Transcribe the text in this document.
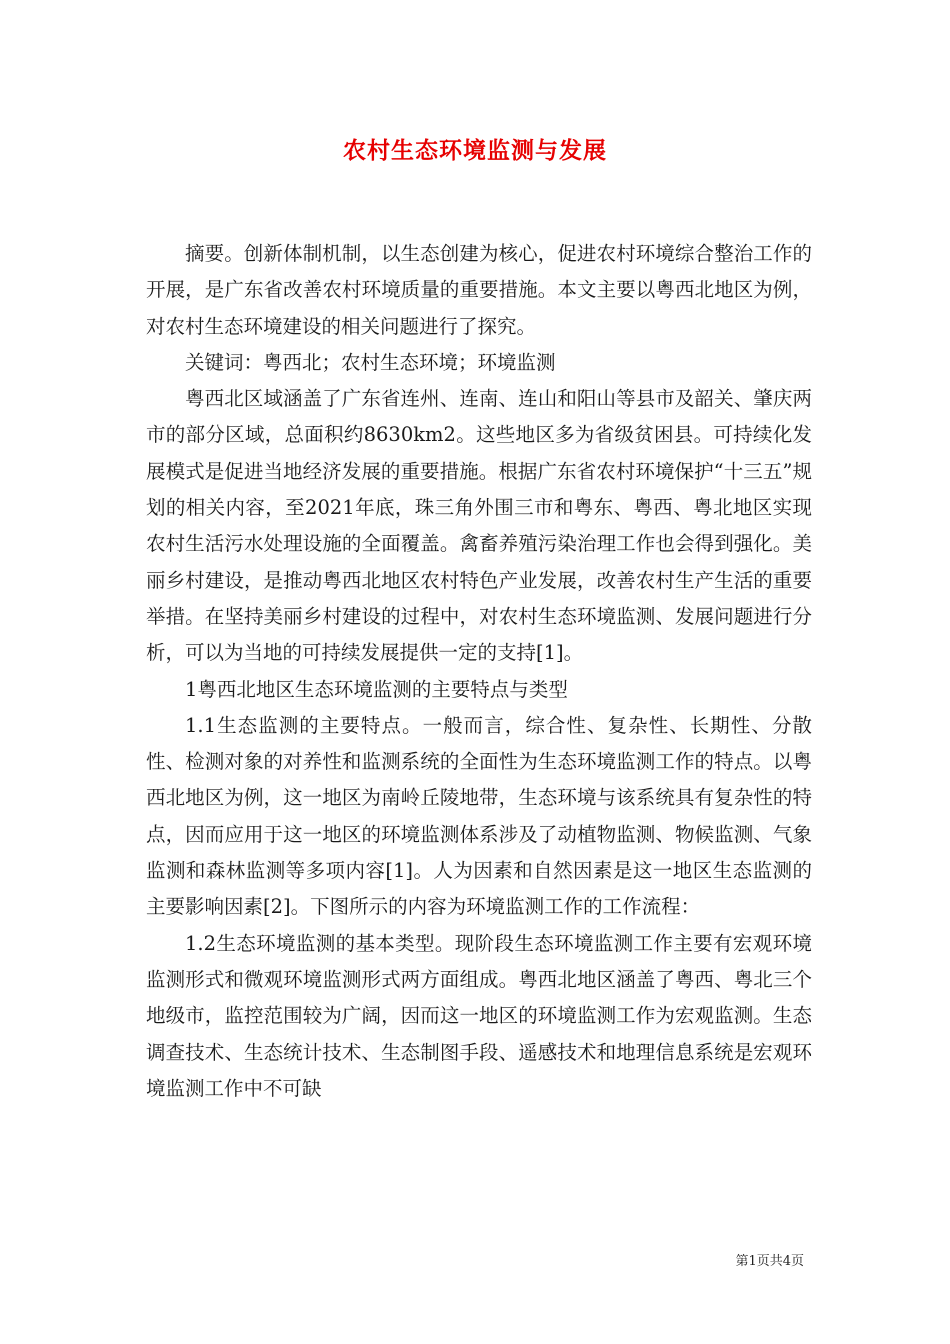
农村生态环境监测与发展

摘要。创新体制机制，以生态创建为核心，促进农村环境综合整治工作的开展，是广东省改善农村环境质量的重要措施。本文主要以粤西北地区为例，对农村生态环境建设的相关问题进行了探究。

关键词：粤西北；农村生态环境；环境监测

粤西北区域涵盖了广东省连州、连南、连山和阳山等县市及韶关、肇庆两市的部分区域，总面积约8630km2。这些地区多为省级贫困县。可持续化发展模式是促进当地经济发展的重要措施。根据广东省农村环境保护“十三五”规划的相关内容，至2021年底，珠三角外围三市和粤东、粤西、粤北地区实现农村生活污水处理设施的全面覆盖。禽畜养殖污染治理工作也会得到强化。美丽乡村建设，是推动粤西北地区农村特色产业发展，改善农村生产生活的重要举措。在坚持美丽乡村建设的过程中，对农村生态环境监测、发展问题进行分析，可以为当地的可持续发展提供一定的支持[1]。

1粤西北地区生态环境监测的主要特点与类型

1.1生态监测的主要特点。一般而言，综合性、复杂性、长期性、分散性、检测对象的对养性和监测系统的全面性为生态环境监测工作的特点。以粤西北地区为例，这一地区为南岭丘陵地带，生态环境与该系统具有复杂性的特点，因而应用于这一地区的环境监测体系涉及了动植物监测、物候监测、气象监测和森林监测等多项内容[1]。人为因素和自然因素是这一地区生态监测的主要影响因素[2]。下图所示的内容为环境监测工作的工作流程：

1.2生态环境监测的基本类型。现阶段生态环境监测工作主要有宏观环境监测形式和微观环境监测形式两方面组成。粤西北地区涵盖了粤西、粤北三个地级市，监控范围较为广阔，因而这一地区的环境监测工作为宏观监测。生态调查技术、生态统计技术、生态制图手段、遥感技术和地理信息系统是宏观环境监测工作中不可缺

第1页共4页
